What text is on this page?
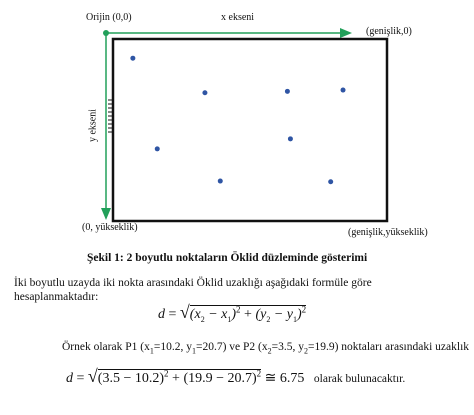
Orijin (0,0)	x ekseni
(genişlik,0)
y ekseni
(0, yükseklik)	(genişlik,yükseklik)
Şekil 1: 2 boyutlu noktaların Öklid düzleminde gösterimi
İki boyutlu uzayda iki nokta arasındaki Öklid uzaklığı aşağıdaki formüle göre hesaplanmaktadır:
$d = √(x_2 - x_1)^2 + (y_2 - y_1)^2$
Örnek olarak P1 ($x_1=10.2$, $y_1=20.7$) ve P2 ($x_2=3.5$, $y_2=19.9$) noktaları arasındaki uzaklık
$d = √(3.5 - 10.2)^2 + (19.9 - 20.7)^2$ ≅ 6.75 olarak bulunacaktır.
